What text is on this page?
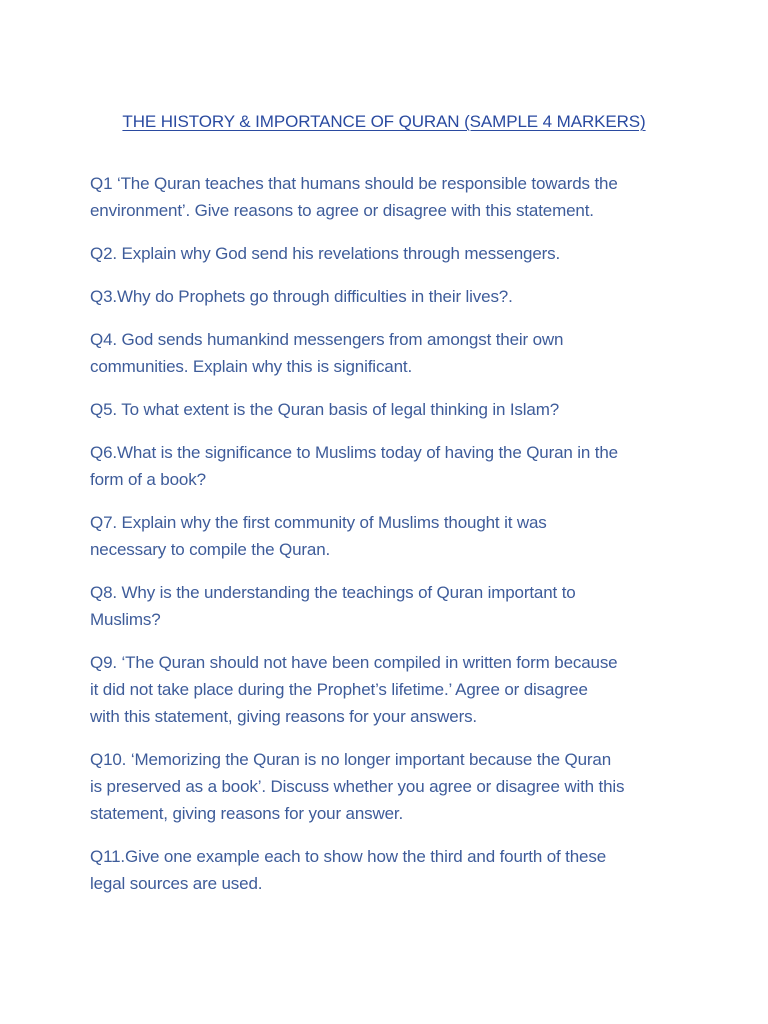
THE HISTORY & IMPORTANCE OF QURAN (SAMPLE 4 MARKERS)
Q1 ‘The Quran teaches that humans should be responsible towards the
environment’. Give reasons to agree or disagree with this statement.
Q2. Explain why God send his revelations through messengers.
Q3.Why do Prophets go through difficulties in their lives?.
Q4. God sends humankind messengers from amongst their own
communities. Explain why this is significant.
Q5. To what extent is the Quran basis of legal thinking in Islam?
Q6.What is the significance to Muslims today of having the Quran in the
form of a book?
Q7. Explain why the first community of Muslims thought it was
necessary to compile the Quran.
Q8. Why is the understanding the teachings of Quran important to
Muslims?
Q9. ‘The Quran should not have been compiled in written form because
it did not take place during the Prophet’s lifetime.’ Agree or disagree
with this statement, giving reasons for your answers.
Q10. ‘Memorizing the Quran is no longer important because the Quran
is preserved as a book’. Discuss whether you agree or disagree with this
statement, giving reasons for your answer.
Q11.Give one example each to show how the third and fourth of these
legal sources are used.
